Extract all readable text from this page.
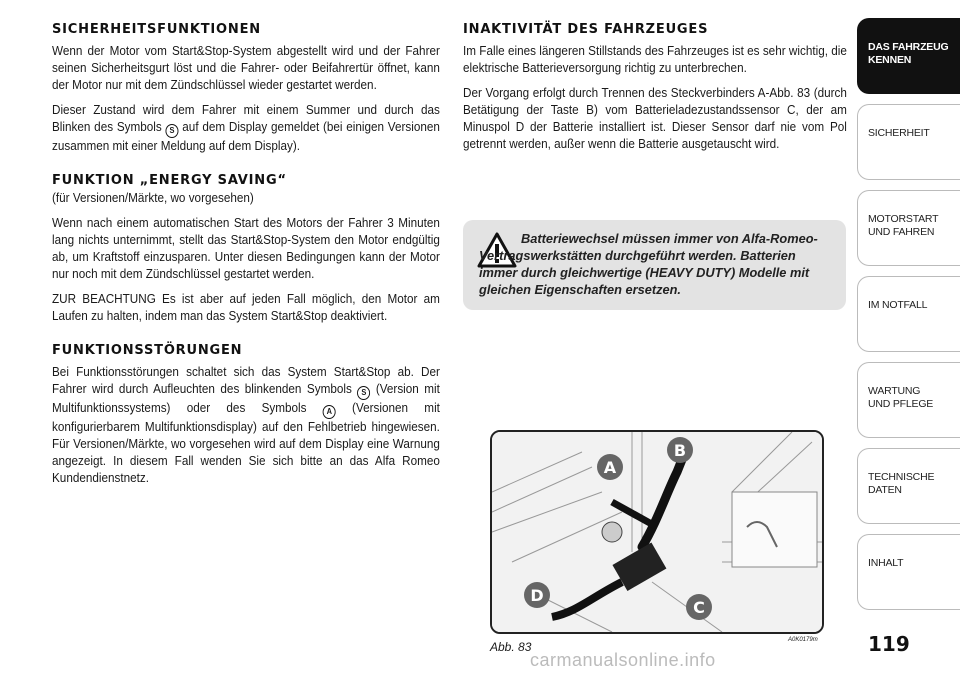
SICHERHEITSFUNKTIONEN

Wenn der Motor vom Start&Stop-System abgestellt wird und der Fahrer seinen Sicherheitsgurt löst und die Fahrer- oder Beifahrertür öffnet, kann der Motor nur mit dem Zündschlüssel wieder gestartet werden.

Dieser Zustand wird dem Fahrer mit einem Summer und durch das Blinken des Symbols S auf dem Display gemeldet (bei einigen Versionen zusammen mit einer Meldung auf dem Display).

FUNKTION „ENERGY SAVING“

(für Versionen/Märkte, wo vorgesehen)

Wenn nach einem automatischen Start des Motors der Fahrer 3 Minuten lang nichts unternimmt, stellt das Start&Stop-System den Motor endgültig ab, um Kraftstoff einzusparen. Unter diesen Bedingungen kann der Motor nur noch mit dem Zündschlüssel gestartet werden.

ZUR BEACHTUNG Es ist aber auf jeden Fall möglich, den Motor am Laufen zu halten, indem man das System Start&Stop deaktiviert.

FUNKTIONSSTÖRUNGEN

Bei Funktionsstörungen schaltet sich das System Start&Stop ab. Der Fahrer wird durch Aufleuchten des blinkenden Symbols S (Version mit Multifunktionssystems) oder des Symbols	A (Versionen mit konfigurierbarem Multifunktionsdisplay) auf den Fehlbetrieb hingewiesen. Für Versionen/Märkte, wo vorgesehen wird auf dem Display eine Warnung angezeigt. In diesem Fall wenden Sie sich bitte an das Alfa Romeo Kundendienstnetz.

INAKTIVITÄT DES FAHRZEUGES

Im Falle eines längeren Stillstands des Fahrzeuges ist es sehr wichtig, die elektrische Batterieversorgung richtig zu unterbrechen.

Der Vorgang erfolgt durch Trennen des Steckverbinders A-Abb. 83 (durch Betätigung der Taste B) vom Batterieladezustandssensor C, der am Minuspol D der Batterie installiert ist. Dieser Sensor darf nie vom Pol getrennt werden, außer wenn die Batterie ausgetauscht wird.

Batteriewechsel müssen immer von Alfa-Romeo-Vertragswerkstätten durchgeführt werden. Batterien immer durch gleichwertige (HEAVY DUTY) Modelle mit gleichen Eigenschaften ersetzen.
A
B
C
D
Abb. 83	A0K0179m	119
carmanualsonline.info
DAS FAHRZEUG
KENNEN
SICHERHEIT
MOTORSTART
UND FAHREN
IM NOTFALL
WARTUNG
UND PFLEGE
TECHNISCHE
DATEN
INHALT
